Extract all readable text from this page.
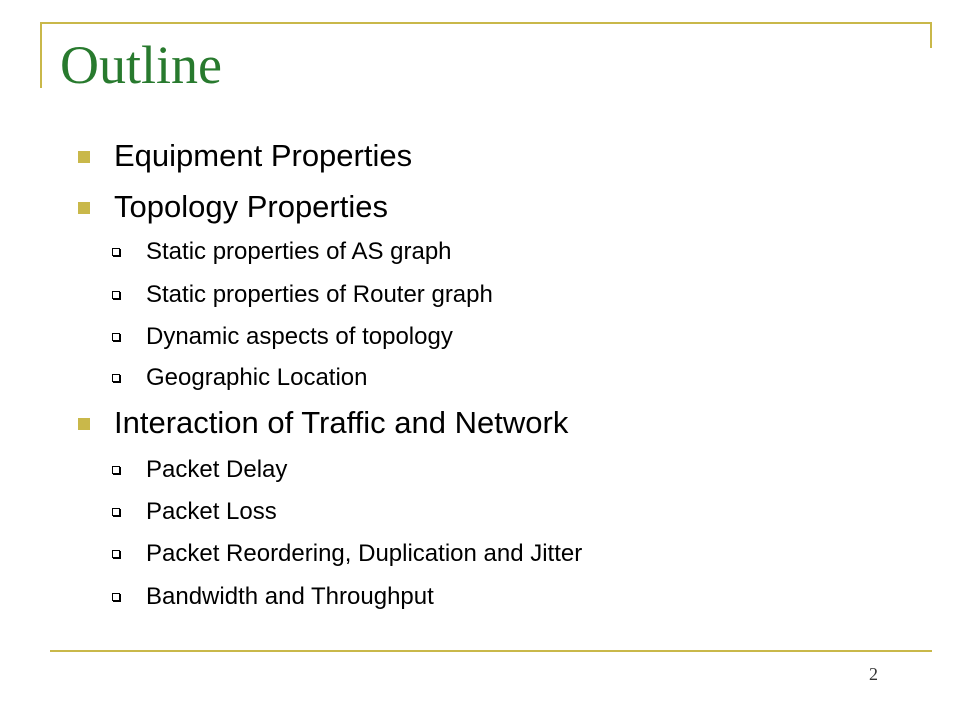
Outline
Equipment Properties
Topology Properties
Static properties of AS graph
Static properties of Router graph
Dynamic aspects of topology
Geographic Location
Interaction of Traffic and Network
Packet Delay
Packet Loss
Packet Reordering, Duplication and Jitter
Bandwidth and Throughput
2
